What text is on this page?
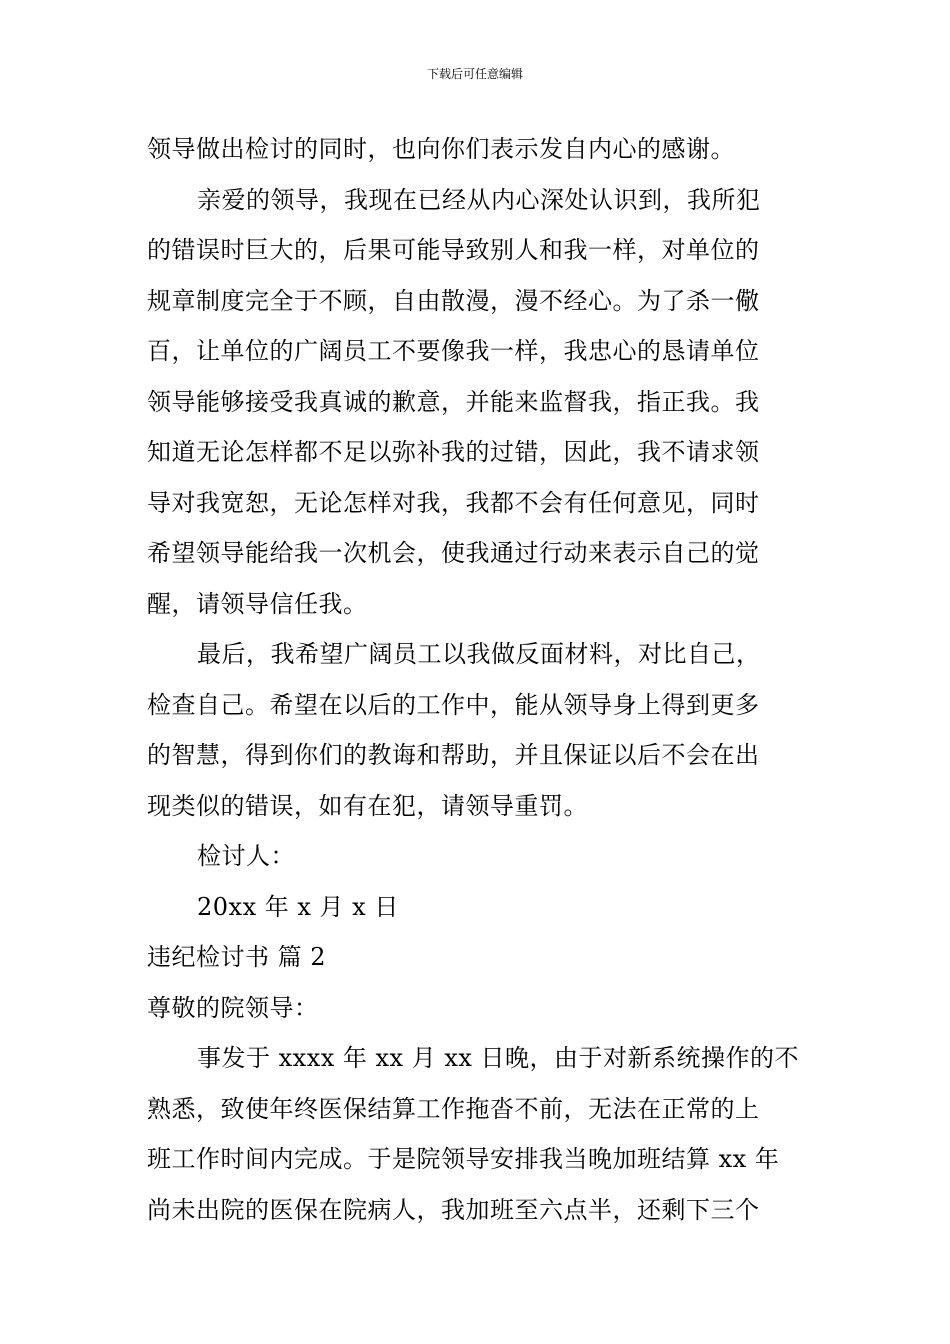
下载后可任意编辑
领导做出检讨的同时，也向你们表示发自内心的感谢。
亲爱的领导，我现在已经从内心深处认识到，我所犯
的错误时巨大的，后果可能导致别人和我一样，对单位的
规章制度完全于不顾，自由散漫，漫不经心。为了杀一儆
百，让单位的广阔员工不要像我一样，我忠心的恳请单位
领导能够接受我真诚的歉意，并能来监督我，指正我。我
知道无论怎样都不足以弥补我的过错，因此，我不请求领
导对我宽恕，无论怎样对我，我都不会有任何意见，同时
希望领导能给我一次机会，使我通过行动来表示自己的觉
醒，请领导信任我。
最后，我希望广阔员工以我做反面材料，对比自己，
检查自己。希望在以后的工作中，能从领导身上得到更多
的智慧，得到你们的教诲和帮助，并且保证以后不会在出
现类似的错误，如有在犯，请领导重罚。
检讨人：
20xx 年 x 月 x 日
违纪检讨书 篇 2
尊敬的院领导：
事发于 xxxx 年 xx 月 xx 日晚，由于对新系统操作的不
熟悉，致使年终医保结算工作拖沓不前，无法在正常的上
班工作时间内完成。于是院领导安排我当晚加班结算 xx 年
尚未出院的医保在院病人，我加班至六点半，还剩下三个
